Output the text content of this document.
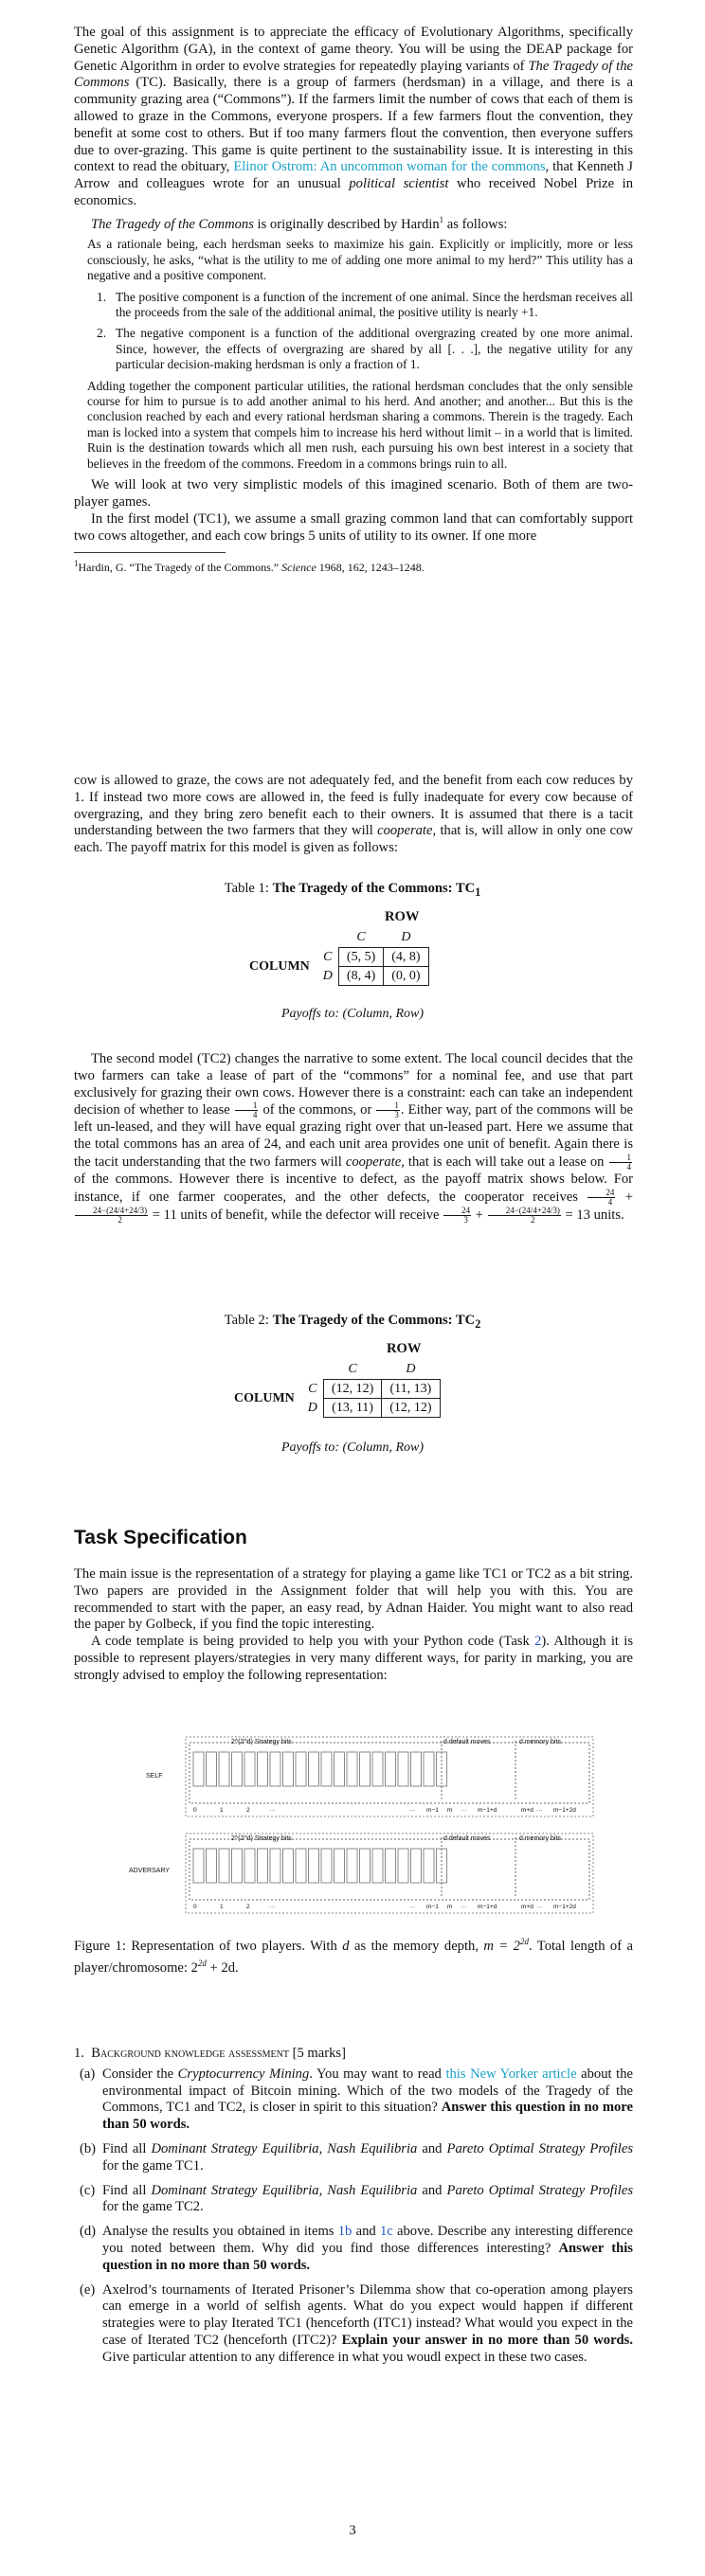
The goal of this assignment is to appreciate the efficacy of Evolutionary Algorithms, specifically Genetic Algorithm (GA), in the context of game theory. You will be using the DEAP package for Genetic Algorithm in order to evolve strategies for repeatedly playing variants of The Tragedy of the Commons (TC). Basically, there is a group of farmers (herdsman) in a village, and there is a community grazing area (“Commons”). If the farmers limit the number of cows that each of them is allowed to graze in the Commons, everyone prospers. If a few farmers flout the convention, they benefit at some cost to others. But if too many farmers flout the convention, then everyone suffers due to over-grazing. This game is quite pertinent to the sustainability issue. It is interesting in this context to read the obituary, Elinor Ostrom: An uncommon woman for the commons, that Kenneth J Arrow and colleagues wrote for an unusual political scientist who received Nobel Prize in economics.

The Tragedy of the Commons is originally described by Hardin$^1$ as follows:

As a rationale being, each herdsman seeks to maximize his gain. Explicitly or implicitly, more or less consciously, he asks, “what is the utility to me of adding one more animal to my herd?” This utility has a negative and a positive component.

1. The positive component is a function of the increment of one animal. Since the herdsman receives all the proceeds from the sale of the additional animal, the positive utility is nearly +1.
2. The negative component is a function of the additional overgrazing created by one more animal. Since, however, the effects of overgrazing are shared by all [. . .], the negative utility for any particular decision-making herdsman is only a fraction of 1.

Adding together the component particular utilities, the rational herdsman concludes that the only sensible course for him to pursue is to add another animal to his herd. And another; and another... But this is the conclusion reached by each and every rational herdsman sharing a commons. Therein is the tragedy. Each man is locked into a system that compels him to increase his herd without limit – in a world that is limited. Ruin is the destination towards which all men rush, each pursuing his own best interest in a society that believes in the freedom of the commons. Freedom in a commons brings ruin to all.

We will look at two very simplistic models of this imagined scenario. Both of them are two-player games.

In the first model (TC1), we assume a small grazing common land that can comfortably support two cows altogether, and each cow brings 5 units of utility to its owner. If one more

$^1$Hardin, G. “The Tragedy of the Commons.” Science 1968, 162, 1243–1248.

cow is allowed to graze, the cows are not adequately fed, and the benefit from each cow reduces by 1. If instead two more cows are allowed in, the feed is fully inadequate for every cow because of overgrazing, and they bring zero benefit each to their owners. It is assumed that there is a tacit understanding between the two farmers that they will cooperate, that is, will allow in only one cow each. The payoff matrix for this model is given as follows:

Table 1: The Tragedy of the Commons: $TC_1$

ROW
		C	D
COLUMN	C	(5, 5)	(4, 8)
	D	(8, 4)	(0, 0)

Payoffs to: (Column, Row)

The second model (TC2) changes the narrative to some extent. The local council decides that the two farmers can take a lease of part of the “commons” for a nominal fee, and use that part exclusively for grazing their own cows. However there is a constraint: each can take an independent decision of whether to lease $\frac{1}{4}$ of the commons, or $\frac{1}{3}$ . Either way, part of the commons will be left un-leased, and they will have equal grazing right over that un-leased part. Here we assume that the total commons has an area of 24, and each unit area provides one unit of benefit. Again there is the tacit understanding that the two farmers will cooperate, that is each will take out a lease on $\frac{1}{4}$
of the commons. However there is incentive to defect, as the payoff matrix shows below. For instance, if one farmer cooperates, and the other defects, the cooperator receives $\frac{24}{4}$ +
$\frac{24-(24/4+24/3)}{2} = 11$ units of benefit, while the defector will receive $\frac{24}{3} + \frac{24-(24/4+24/3)}{2} = 13$ units.

Table 2: The Tragedy of the Commons: $TC_2$

ROW
		C	D
COLUMN	C	(12, 12)	(11, 13)
	D	(13, 11)	(12, 12)

Payoffs to: (Column, Row)

Task Specification

The main issue is the representation of a strategy for playing a game like TC1 or TC2 as a bit string. Two papers are provided in the Assignment folder that will help you with this. You are recommended to start with the paper, an easy read, by Adnan Haider. You might want to also read the paper by Golbeck, if you find the topic interesting.

A code template is being provided to help you with your Python code (Task 2). Although it is possible to represent players/strategies in very many different ways, for parity in marking, you are strongly advised to employ the following representation:

SELF
ADVERSARY
2^(2^d) Strategy bits	d default moves	d memory bits
2^(2^d) Strategy bits	d default moves	d memory bits
0	1	2	···	··· m−1 m ··· m−1+d	m+d ··· m−1+2d
0	1	2	···	··· m−1 m ··· m−1+d	m+d ··· m−1+2d

Figure 1: Representation of two players. With d as the memory depth, $m = 2^{2d}$. Total length of a player/chromosome: $2^{2d} + 2d$.

1. Background knowledge assessment [5 marks]

(a) Consider the Cryptocurrency Mining. You may want to read this New Yorker article about the environmental impact of Bitcoin mining. Which of the two models of the Tragedy of the Commons, TC1 and TC2, is closer in spirit to this situation? Answer this question in no more than 50 words.
(b) Find all Dominant Strategy Equilibria, Nash Equilibria and Pareto Optimal Strategy Profiles for the game TC1.
(c) Find all Dominant Strategy Equilibria, Nash Equilibria and Pareto Optimal Strategy Profiles for the game TC2.
(d) Analyse the results you obtained in items 1b and 1c above. Describe any interesting difference you noted between them. Why did you find those differences interesting? Answer this question in no more than 50 words.
(e) Axelrod’s tournaments of Iterated Prisoner’s Dilemma show that co-operation among players can emerge in a world of selfish agents. What do you expect would happen if different strategies were to play Iterated TC1 (henceforth (ITC1) instead? What would you expect in the case of Iterated TC2 (henceforth (ITC2)? Explain your answer in no more than 50 words. Give particular attention to any difference in what you woudl expect in these two cases.
3
